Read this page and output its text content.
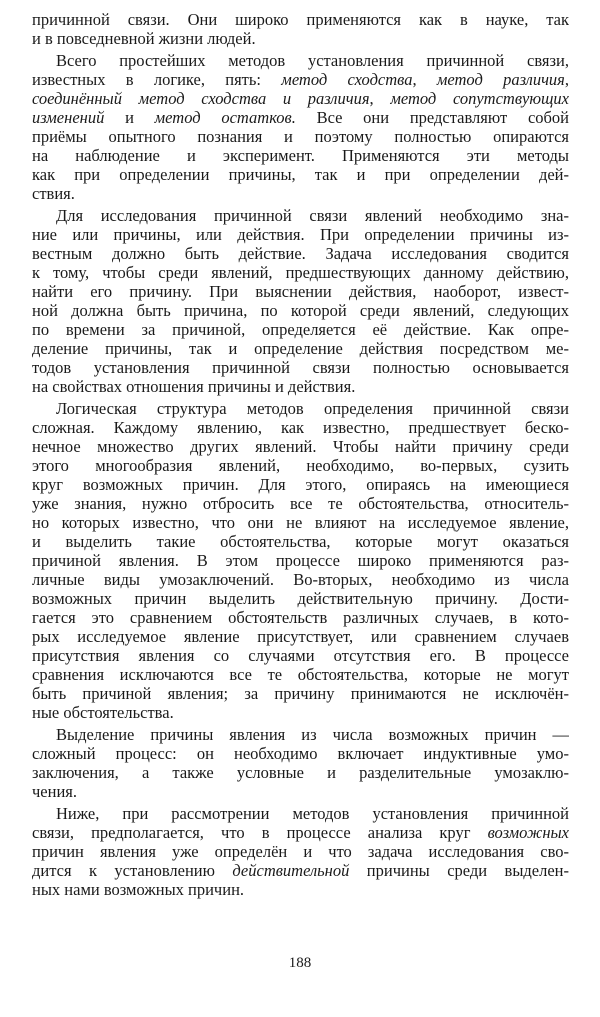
причинной связи. Они широко применяются как в науке, так
и в повседневной жизни людей.
Всего простейших методов установления причинной связи,
известных в логике, пять: метод сходства, метод различия,
соединённый метод сходства и различия, метод сопутствующих
изменений и метод остатков. Все они представляют собой
приёмы опытного познания и поэтому полностью опираются
на наблюдение и эксперимент. Применяются эти методы
как при определении причины, так и при определении дей-
ствия.
Для исследования причинной связи явлений необходимо зна-
ние или причины, или действия. При определении причины из-
вестным должно быть действие. Задача исследования сводится
к тому, чтобы среди явлений, предшествующих данному действию,
найти его причину. При выяснении действия, наоборот, извест-
ной должна быть причина, по которой среди явлений, следующих
по времени за причиной, определяется её действие. Как опре-
деление причины, так и определение действия посредством ме-
тодов установления причинной связи полностью основывается
на свойствах отношения причины и действия.
Логическая структура методов определения причинной связи
сложная. Каждому явлению, как известно, предшествует беско-
нечное множество других явлений. Чтобы найти причину среди
этого многообразия явлений, необходимо, во-первых, сузить
круг возможных причин. Для этого, опираясь на имеющиеся
уже знания, нужно отбросить все те обстоятельства, относитель-
но которых известно, что они не влияют на исследуемое явление,
и выделить такие обстоятельства, которые могут оказаться
причиной явления. В этом процессе широко применяются раз-
личные виды умозаключений. Во-вторых, необходимо из числа
возможных причин выделить действительную причину. Дости-
гается это сравнением обстоятельств различных случаев, в кото-
рых исследуемое явление присутствует, или сравнением случаев
присутствия явления со случаями отсутствия его. В процессе
сравнения исключаются все те обстоятельства, которые не могут
быть причиной явления; за причину принимаются не исключён-
ные обстоятельства.
Выделение причины явления из числа возможных причин —
сложный процесс: он необходимо включает индуктивные умо-
заключения, а также условные и разделительные умозаклю-
чения.
Ниже, при рассмотрении методов установления причинной
связи, предполагается, что в процессе анализа круг возможных
причин явления уже определён и что задача исследования сво-
дится к установлению действительной причины среди выделен-
ных нами возможных причин.
188
